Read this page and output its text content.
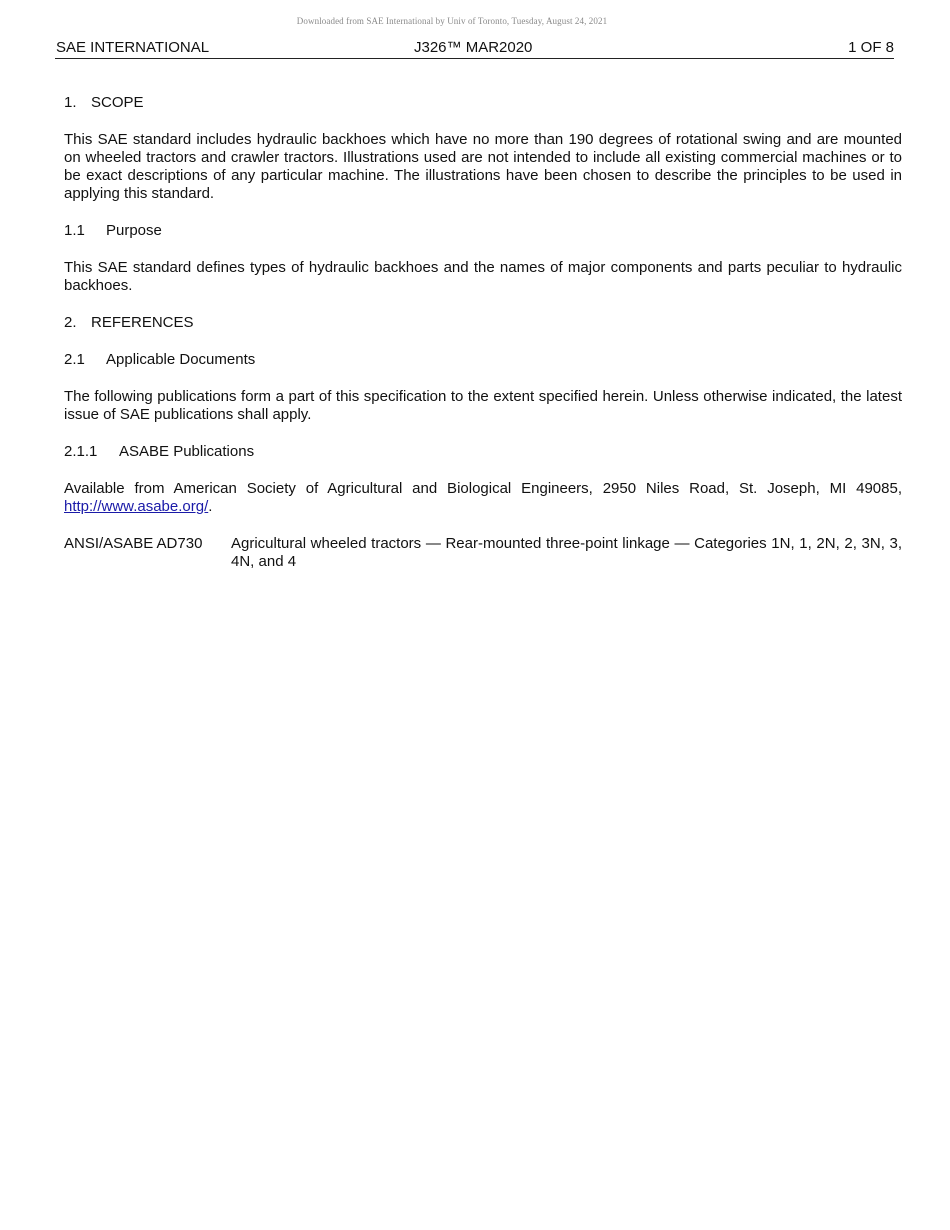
Downloaded from SAE International by Univ of Toronto, Tuesday, August 24, 2021
SAE INTERNATIONAL	J326™ MAR2020	1 OF 8
1. SCOPE

This SAE standard includes hydraulic backhoes which have no more than 190 degrees of rotational swing and are mounted on wheeled tractors and crawler tractors. Illustrations used are not intended to include all existing commercial machines or to be exact descriptions of any particular machine. The illustrations have been chosen to describe the principles to be used in applying this standard.

1.1 Purpose

This SAE standard defines types of hydraulic backhoes and the names of major components and parts peculiar to hydraulic backhoes.

2. REFERENCES
2.1 Applicable Documents

The following publications form a part of this specification to the extent specified herein. Unless otherwise indicated, the latest issue of SAE publications shall apply.

2.1.1 ASABE Publications

Available from American Society of Agricultural and Biological Engineers, 2950 Niles Road, St. Joseph, MI 49085, http://www.asabe.org/.

ANSI/ASABE AD730	Agricultural wheeled tractors — Rear-mounted three-point linkage — Categories 1N, 1, 2N, 2, 3N, 3, 4N, and 4
